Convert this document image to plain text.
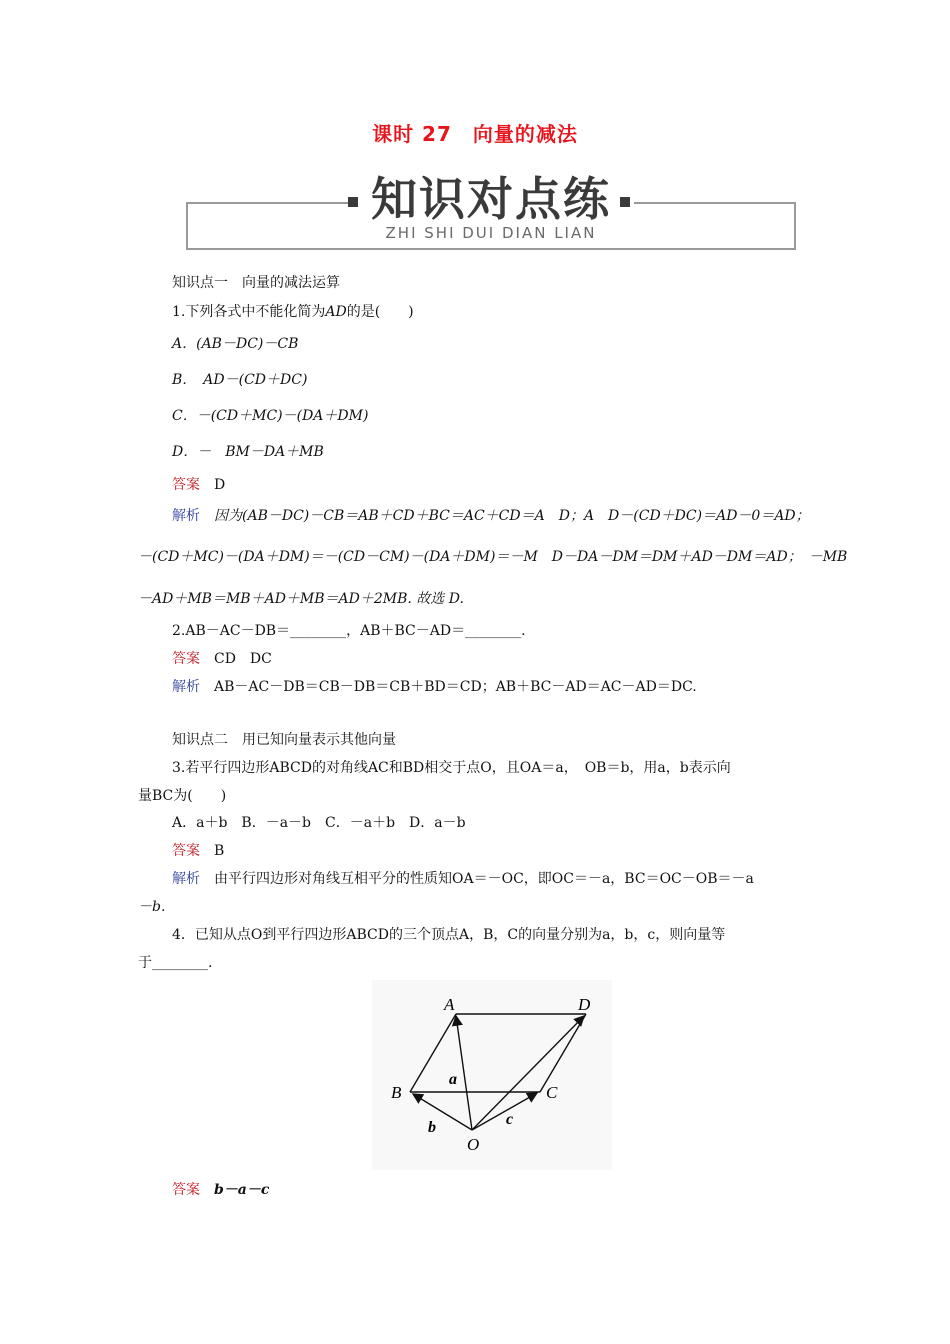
课时 27　向量的减法
知识对点练
ZHI SHI DUI DIAN LIAN
知识点一　向量的减法运算
1.下列各式中不能化简为AD的是(　　)
A．(AB－DC)－CB
B．　AD－(CD＋DC)
C．－(CD＋MC)－(DA＋DM)
D．－　BM－DA＋MB
答案 D
解析 因为(AB－DC)－CB＝AB＋CD＋BC＝AC＋CD＝A　D；A　D－(CD＋DC)＝AD－0＝AD；
－(CD＋MC)－(DA＋DM)＝－(CD－CM)－(DA＋DM)＝－M　D－DA－DM＝DM＋AD－DM＝AD；　－MB
－AD＋MB＝MB＋AD＋MB＝AD＋2MB. 故选 D.
2.AB－AC－DB＝________，AB＋BC－AD＝________.
答案 CD　DC
解析 AB－AC－DB＝CB－DB＝CB＋BD＝CD；AB＋BC－AD＝AC－AD＝DC.
知识点二　用已知向量表示其他向量
3.若平行四边形ABCD的对角线AC和BD相交于点O，且OA＝a，　OB＝b，用a，b表示向
量BC为(　　)
A．a＋b　B．－a－b　C．－a＋b　D．a－b
答案 B
解析 由平行四边形对角线互相平分的性质知OA＝－OC，即OC＝－a，BC＝OC－OB＝－a
－b.
4．已知从点O到平行四边形ABCD的三个顶点A，B，C的向量分别为a，b，c，则向量等
于________.
A	D
B	C
O
a
b	c
答案 b－a－c
